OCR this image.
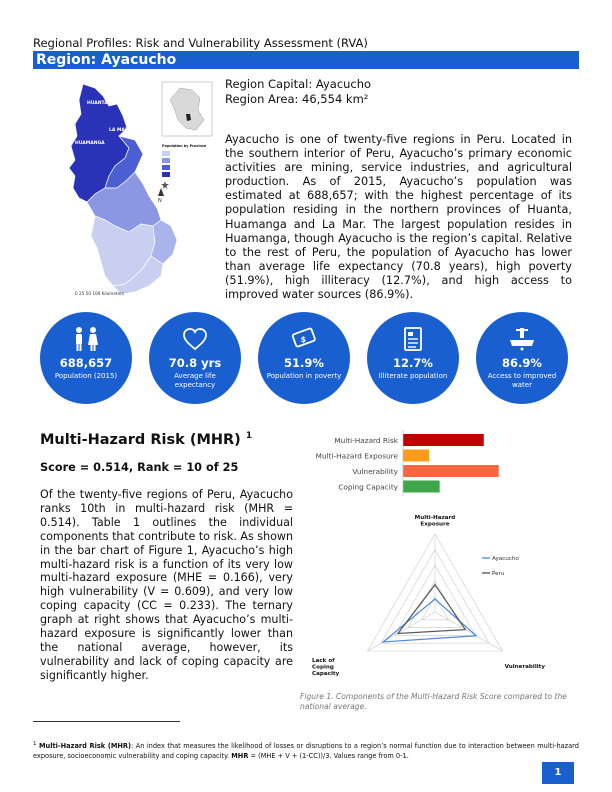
Regional Profiles: Risk and Vulnerability Assessment (RVA)
Region: Ayacucho
HUANTA
LA MAR
HUAMANGA
N
0 25 50 100 Kilometers
Population by Province
Region Capital: Ayacucho
Region Area: 46,554 km²
Ayacucho is one of twenty-five regions in Peru. Located in the southern interior of Peru, Ayacucho’s primary economic activities are mining, service industries, and agricultural production. As of 2015, Ayacucho’s population was estimated at 688,657; with the highest percentage of its population residing in the northern provinces of Huanta, Huamanga and La Mar. The largest population resides in Huamanga, though Ayacucho is the region’s capital. Relative to the rest of Peru, the population of Ayacucho has lower than average life expectancy (70.8 years), high poverty (51.9%), high illiteracy (12.7%), and high access to improved water sources (86.9%).
688,657
Population (2015)
70.8 yrs
Average life expectancy
$
51.9%
Population in poverty
12.7%
Illiterate population
86.9%
Access to improved water
Multi-Hazard Risk (MHR) $^1$
Score = 0.514, Rank = 10 of 25
Of the twenty-five regions of Peru, Ayacucho ranks 10th in multi-hazard risk (MHR = 0.514). Table 1 outlines the individual components that contribute to risk. As shown in the bar chart of Figure 1, Ayacucho’s high multi-hazard risk is a function of its very low multi-hazard exposure (MHE = 0.166), very high vulnerability (V = 0.609), and very low coping capacity (CC = 0.233). The ternary graph at right shows that Ayacucho’s multi-hazard exposure is significantly lower than the national average, however, its vulnerability and lack of coping capacity are significantly higher.
Multi-Hazard Risk
Multi-Hazard Exposure
Vulnerability
Coping Capacity
Multi-Hazard Exposure
Vulnerability
Lack of Coping Capacity
Ayacucho
Peru
Figure 1. Components of the Multi-Hazard Risk Score compared to the national average.
$^1$ Multi-Hazard Risk (MHR): An index that measures the likelihood of losses or disruptions to a region’s normal function due to interaction between multi-hazard exposure, socioeconomic vulnerability and coping capacity. MHR = (MHE + V + (1-CC))/3. Values range from 0-1.
1
